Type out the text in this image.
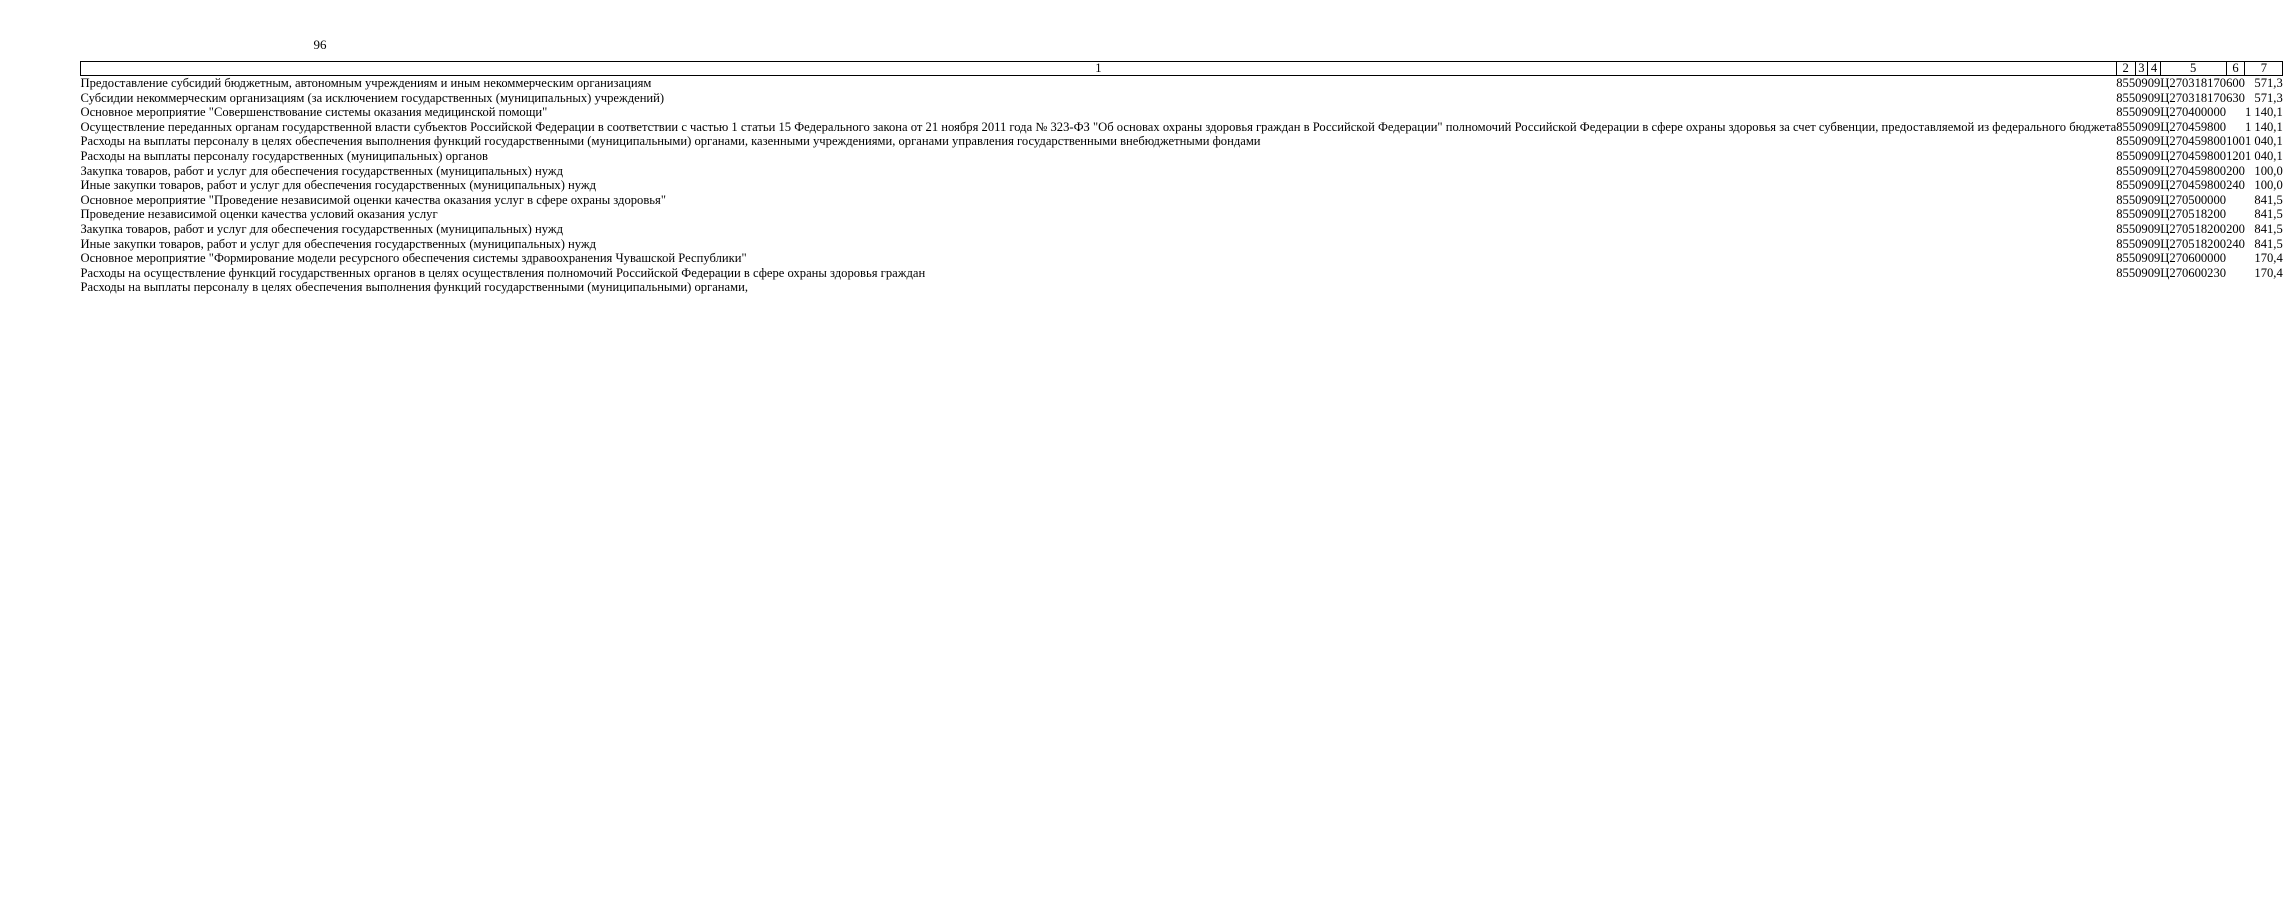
96
1	2	3	4	5	6	7
Предоставление субсидий бюджетным, автономным учреждениям и иным некоммерческим организациям	855	09	09	Ц270318170	600	571,3
Субсидии некоммерческим организациям (за исключением государственных (муниципальных) учреждений)	855	09	09	Ц270318170	630	571,3
Основное мероприятие "Совершенствование системы оказания медицинской помощи"	855	09	09	Ц270400000		1 140,1
Осуществление переданных органам государственной власти субъектов Российской Федерации в соответствии с частью 1 статьи 15 Федерального закона от 21 ноября 2011 года № 323-ФЗ "Об основах охраны здоровья граждан в Российской Федерации" полномочий Российской Федерации в сфере охраны здоровья за счет субвенции, предоставляемой из федерального бюджета	855	09	09	Ц270459800		1 140,1
Расходы на выплаты персоналу в целях обеспечения выполнения функций государственными (муниципальными) органами, казенными учреждениями, органами управления государственными внебюджетными фондами	855	09	09	Ц270459800	100	1 040,1
Расходы на выплаты персоналу государственных (муниципальных) органов	855	09	09	Ц270459800	120	1 040,1
Закупка товаров, работ и услуг для обеспечения государственных (муниципальных) нужд	855	09	09	Ц270459800	200	100,0
Иные закупки товаров, работ и услуг для обеспечения государственных (муниципальных) нужд	855	09	09	Ц270459800	240	100,0
Основное мероприятие "Проведение независимой оценки качества оказания услуг в сфере охраны здоровья"	855	09	09	Ц270500000		841,5
Проведение независимой оценки качества условий оказания услуг	855	09	09	Ц270518200		841,5
Закупка товаров, работ и услуг для обеспечения государственных (муниципальных) нужд	855	09	09	Ц270518200	200	841,5
Иные закупки товаров, работ и услуг для обеспечения государственных (муниципальных) нужд	855	09	09	Ц270518200	240	841,5
Основное мероприятие "Формирование модели ресурсного обеспечения системы здравоохранения Чувашской Республики"	855	09	09	Ц270600000		170,4
Расходы на осуществление функций государственных органов в целях осуществления полномочий Российской Федерации в сфере охраны здоровья граждан	855	09	09	Ц270600230		170,4
Расходы на выплаты персоналу в целях обеспечения выполнения функций государственными (муниципальными) органами,						
